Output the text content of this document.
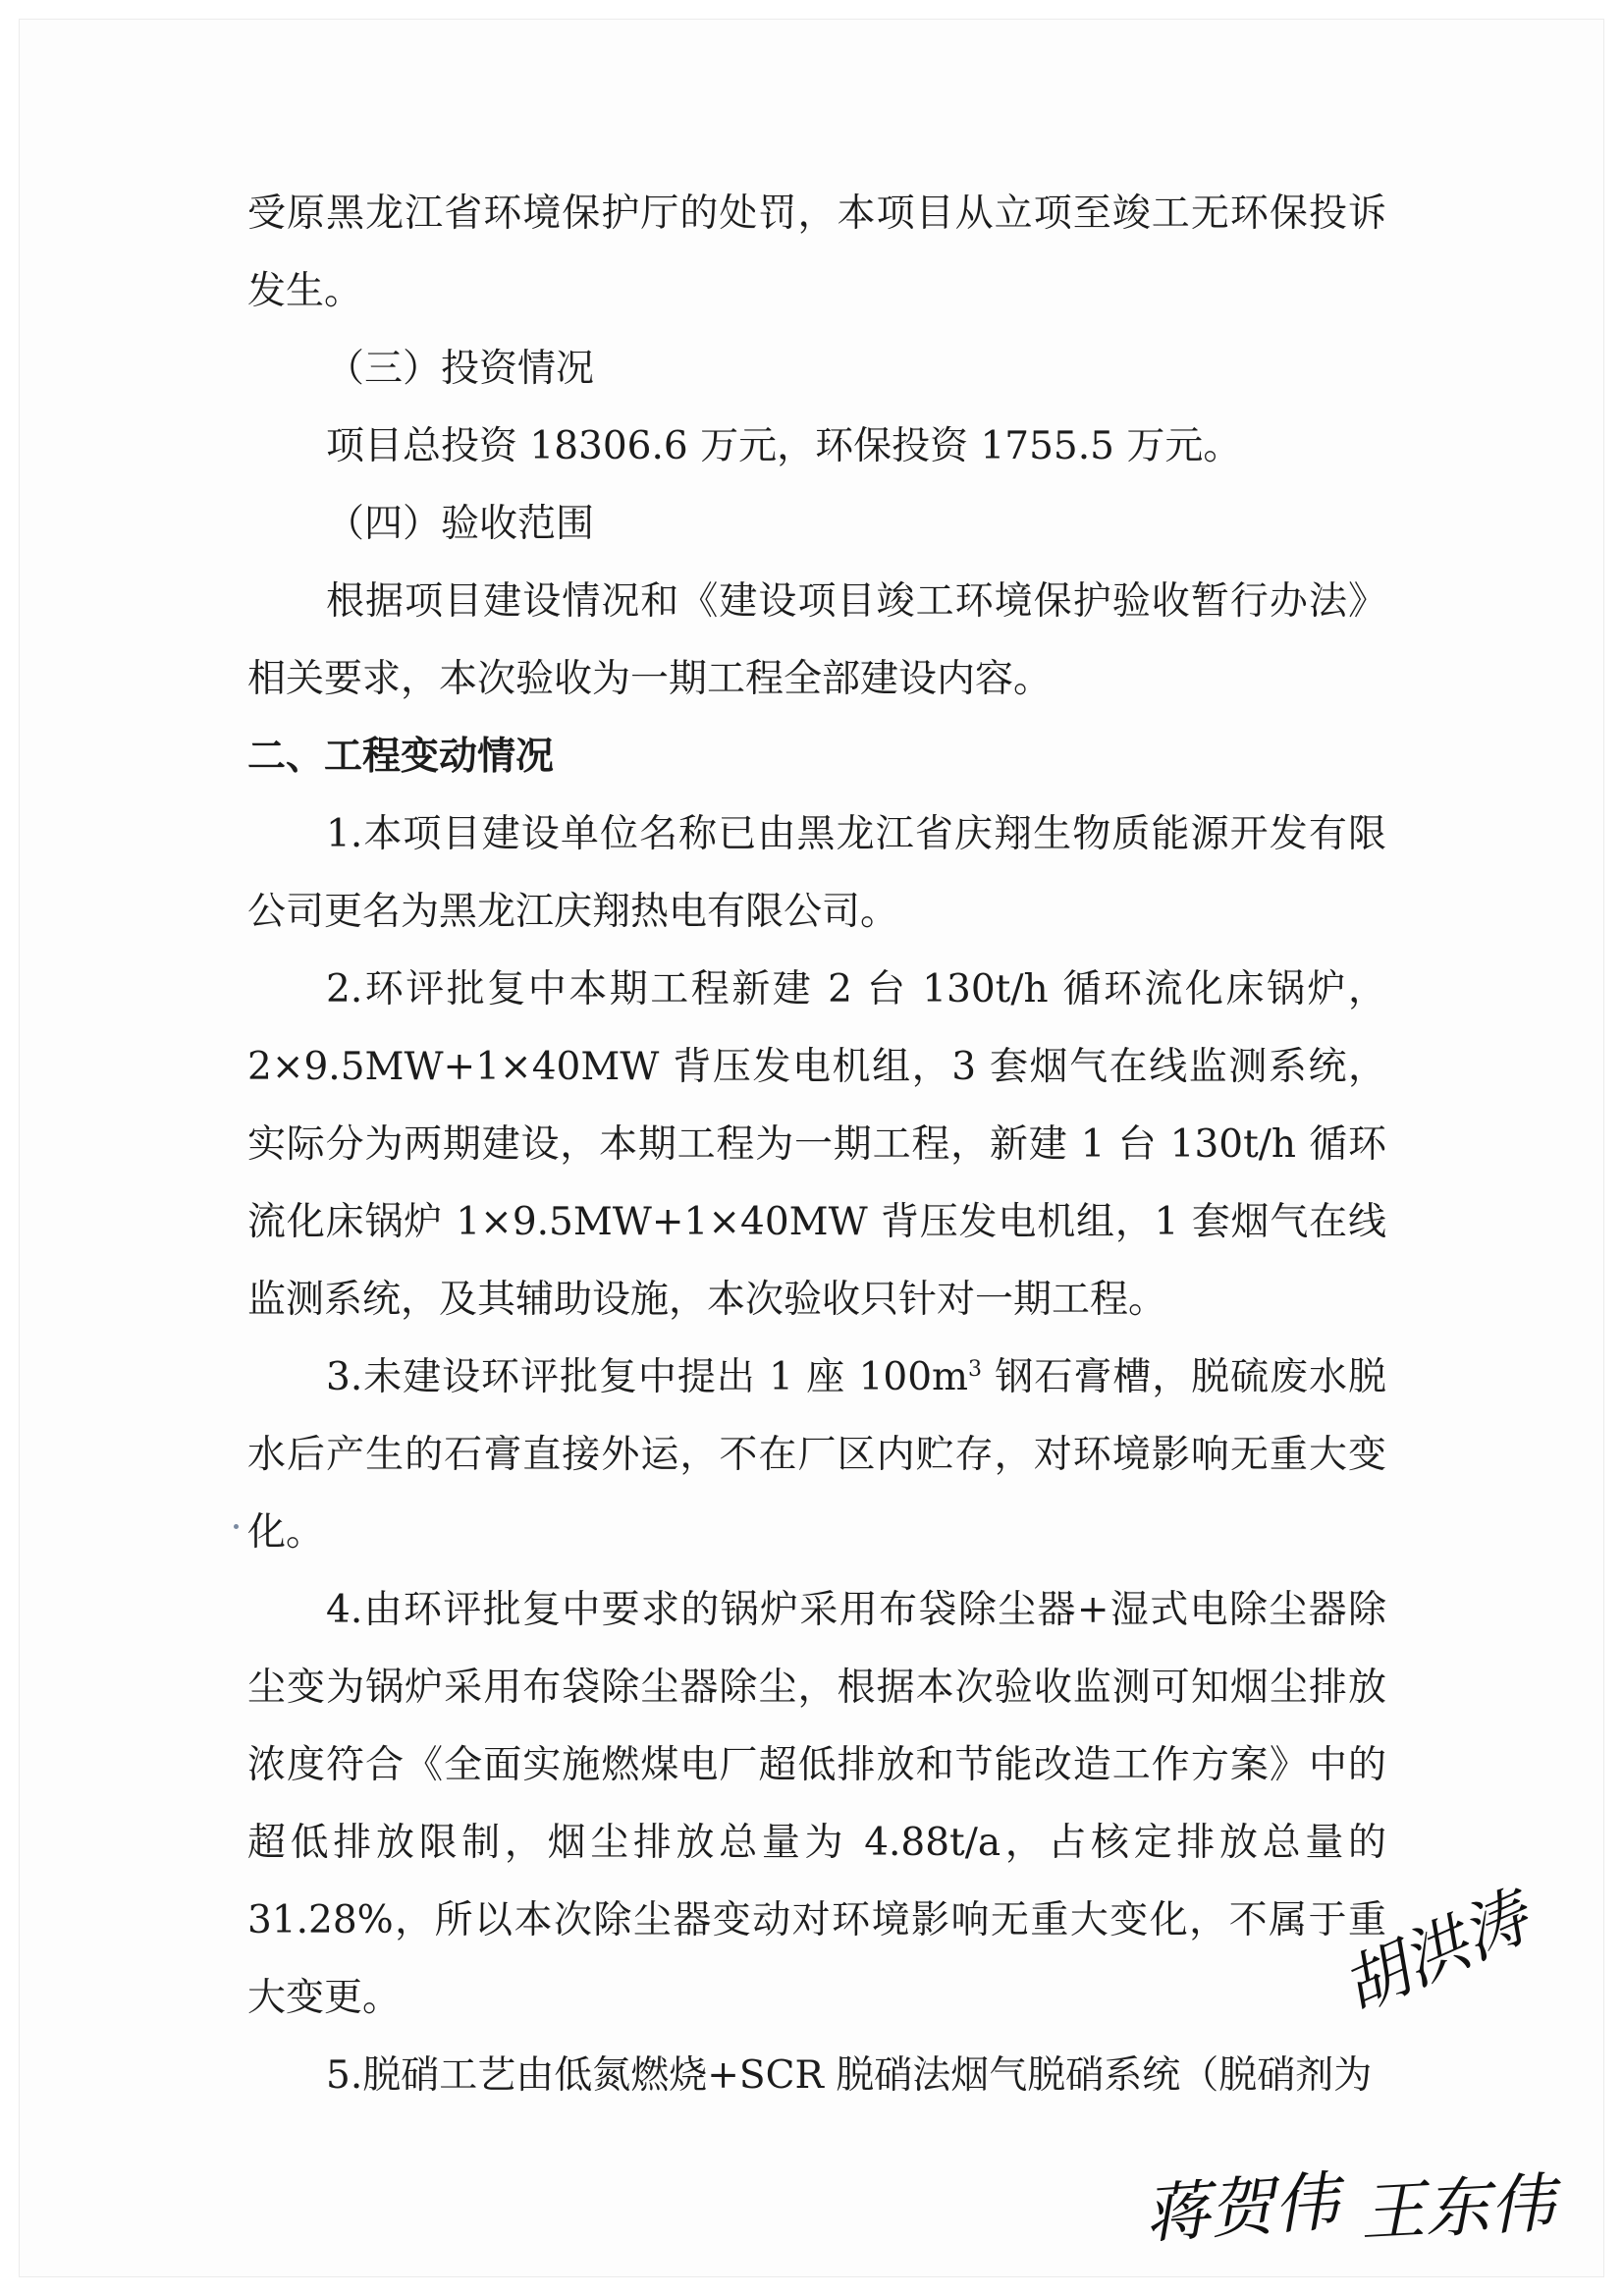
受原黑龙江省环境保护厅的处罚，本项目从立项至竣工无环保投诉发生。

（三）投资情况

项目总投资 18306.6 万元，环保投资 1755.5 万元。

（四）验收范围

根据项目建设情况和《建设项目竣工环境保护验收暂行办法》相关要求，本次验收为一期工程全部建设内容。

二、工程变动情况

1.本项目建设单位名称已由黑龙江省庆翔生物质能源开发有限公司更名为黑龙江庆翔热电有限公司。

2.环评批复中本期工程新建 2 台 130t/h 循环流化床锅炉，2×9.5MW+1×40MW 背压发电机组，3 套烟气在线监测系统，实际分为两期建设，本期工程为一期工程，新建 1 台 130t/h 循环流化床锅炉 1×9.5MW+1×40MW 背压发电机组，1 套烟气在线监测系统，及其辅助设施，本次验收只针对一期工程。

3.未建设环评批复中提出 1 座 $100m^3$ 钢石膏槽，脱硫废水脱水后产生的石膏直接外运，不在厂区内贮存，对环境影响无重大变化。

4.由环评批复中要求的锅炉采用布袋除尘器+湿式电除尘器除尘变为锅炉采用布袋除尘器除尘，根据本次验收监测可知烟尘排放浓度符合《全面实施燃煤电厂超低排放和节能改造工作方案》中的超低排放限制，烟尘排放总量为 4.88t/a，占核定排放总量的 31.28%，所以本次除尘器变动对环境影响无重大变化，不属于重大变更。

5.脱硝工艺由低氮燃烧+SCR 脱硝法烟气脱硝系统（脱硝剂为

胡洪涛
蒋贺伟 王东伟
